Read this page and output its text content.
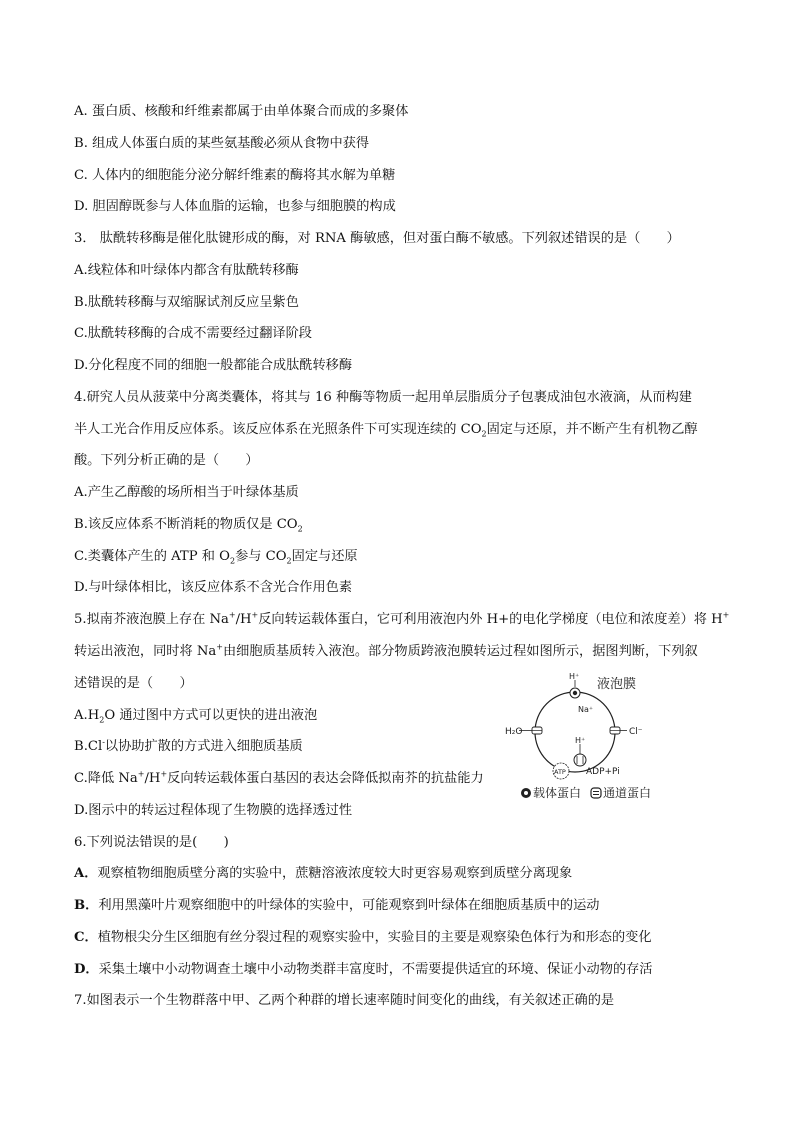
A. 蛋白质、核酸和纤维素都属于由单体聚合而成的多聚体
B. 组成人体蛋白质的某些氨基酸必须从食物中获得
C. 人体内的细胞能分泌分解纤维素的酶将其水解为单糖
D. 胆固醇既参与人体血脂的运输，也参与细胞膜的构成
3． 肽酰转移酶是催化肽键形成的酶，对 RNA 酶敏感，但对蛋白酶不敏感。下列叙述错误的是（　　）
A.线粒体和叶绿体内都含有肽酰转移酶
B.肽酰转移酶与双缩脲试剂反应呈紫色
C.肽酰转移酶的合成不需要经过翻译阶段
D.分化程度不同的细胞一般都能合成肽酰转移酶
4.研究人员从菠菜中分离类囊体，将其与 16 种酶等物质一起用单层脂质分子包裹成油包水液滴，从而构建
半人工光合作用反应体系。该反应体系在光照条件下可实现连续的 $CO_2$固定与还原，并不断产生有机物乙醇
酸。下列分析正确的是（　　）
A.产生乙醇酸的场所相当于叶绿体基质
B.该反应体系不断消耗的物质仅是 $CO_2$
C.类囊体产生的 ATP 和 $O_2$参与 $CO_2$固定与还原
D.与叶绿体相比，该反应体系不含光合作用色素
5.拟南芥液泡膜上存在 Na+/H+反向转运载体蛋白，它可利用液泡内外 H+的电化学梯度（电位和浓度差）将 H+
转运出液泡，同时将 Na+由细胞质基质转入液泡。部分物质跨液泡膜转运过程如图所示，据图判断，下列叙
述错误的是（　　）
$A.H_2O$ 通过图中方式可以更快的进出液泡
B.Cl-以协助扩散的方式进入细胞质基质
C.降低 Na+/H+反向转运载体蛋白基因的表达会降低拟南芥的抗盐能力
D.图示中的转运过程体现了生物膜的选择透过性
液泡膜
H⁺
Na⁺
H₂O	Cl⁻
H⁺
ATP ADP+Pi
载体蛋白 通道蛋白
6.下列说法错误的是(　　)
A．观察植物细胞质壁分离的实验中，蔗糖溶液浓度较大时更容易观察到质壁分离现象
B．利用黑藻叶片观察细胞中的叶绿体的实验中，可能观察到叶绿体在细胞质基质中的运动
C．植物根尖分生区细胞有丝分裂过程的观察实验中，实验目的主要是观察染色体行为和形态的变化
D．采集土壤中小动物调查土壤中小动物类群丰富度时，不需要提供适宜的环境、保证小动物的存活
7.如图表示一个生物群落中甲、乙两个种群的增长速率随时间变化的曲线，有关叙述正确的是
